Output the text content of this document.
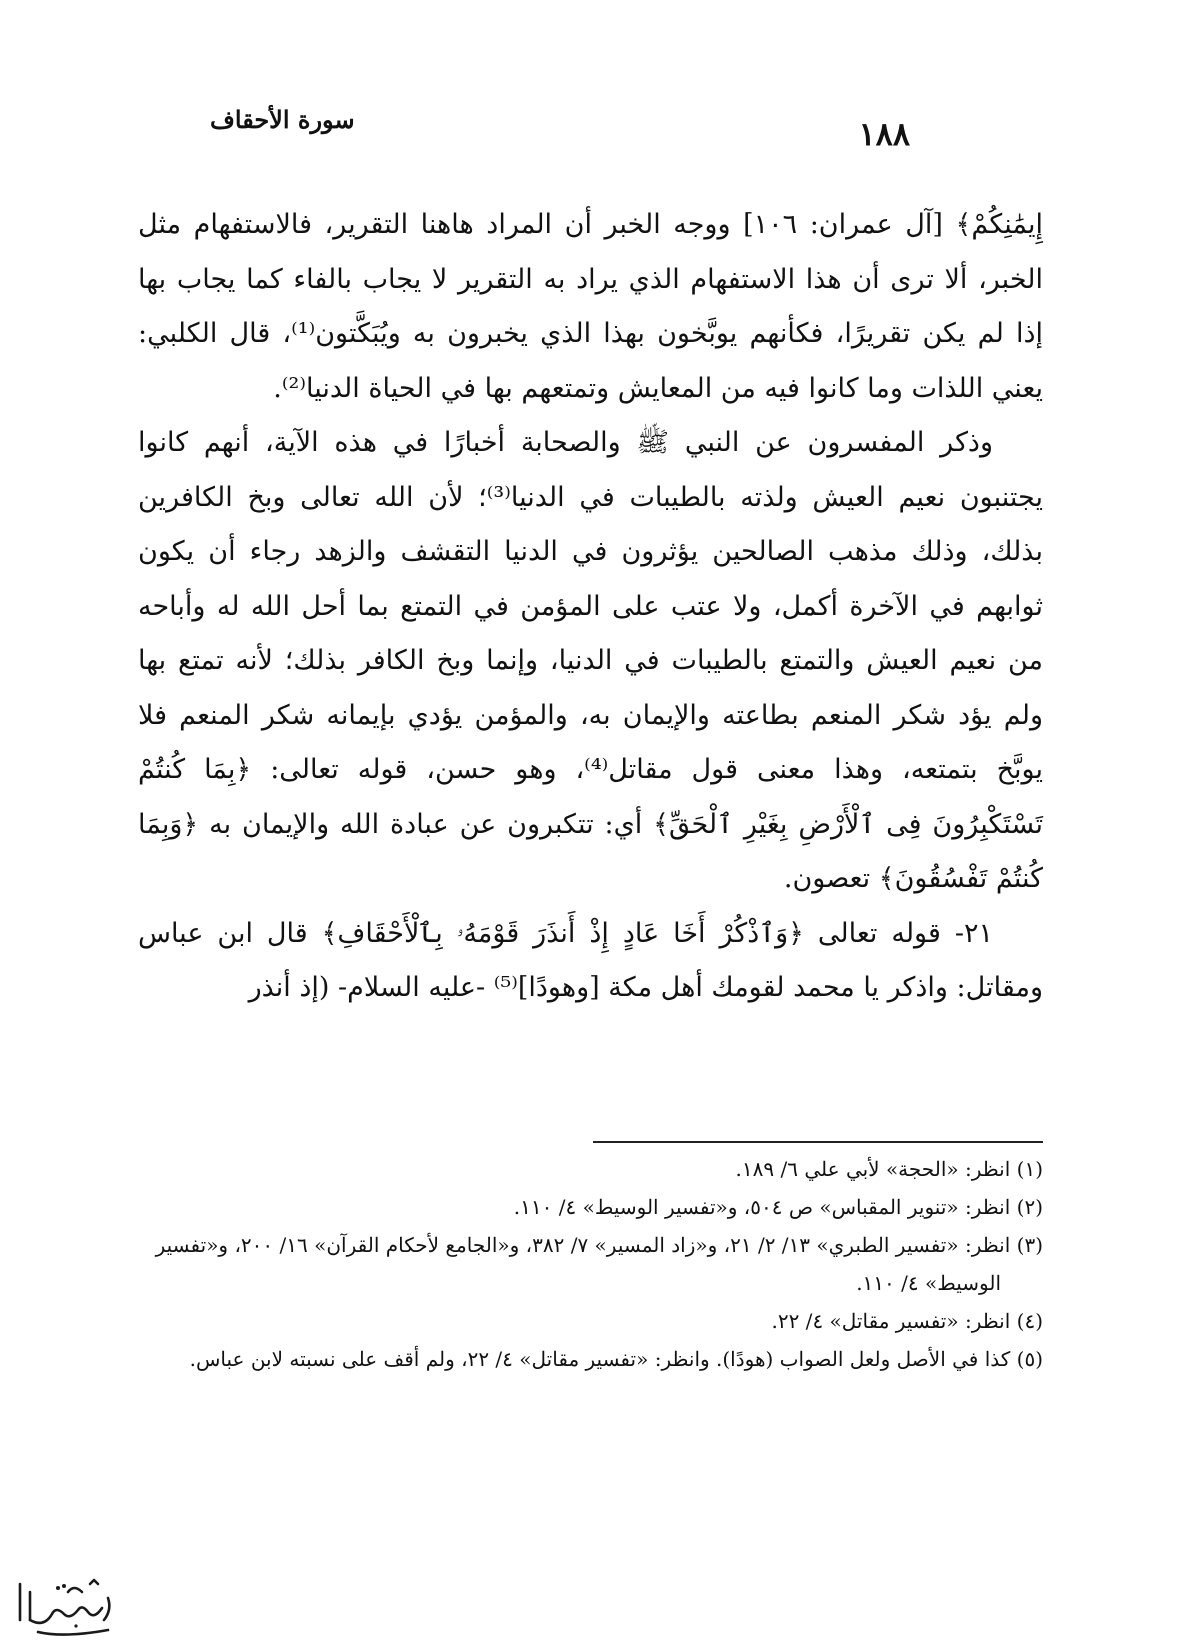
١٨٨
سورة الأحقاف

إِيمَٰنِكُمْ﴾ [آل عمران: ١٠٦] ووجه الخبر أن المراد هاهنا التقرير، فالاستفهام مثل الخبر، ألا ترى أن هذا الاستفهام الذي يراد به التقرير لا يجاب بالفاء كما يجاب بها إذا لم يكن تقريرًا، فكأنهم يوبَّخون بهذا الذي يخبرون به ويُبَكَّتون⁽¹⁾، قال الكلبي: يعني اللذات وما كانوا فيه من المعايش وتمتعهم بها في الحياة الدنيا⁽²⁾.

وذكر المفسرون عن النبي ﷺ والصحابة أخبارًا في هذه الآية، أنهم كانوا يجتنبون نعيم العيش ولذته بالطيبات في الدنيا⁽³⁾؛ لأن الله تعالى وبخ الكافرين بذلك، وذلك مذهب الصالحين يؤثرون في الدنيا التقشف والزهد رجاء أن يكون ثوابهم في الآخرة أكمل، ولا عتب على المؤمن في التمتع بما أحل الله له وأباحه من نعيم العيش والتمتع بالطيبات في الدنيا، وإنما وبخ الكافر بذلك؛ لأنه تمتع بها ولم يؤد شكر المنعم بطاعته والإيمان به، والمؤمن يؤدي بإيمانه شكر المنعم فلا يوبَّخ بتمتعه، وهذا معنى قول مقاتل⁽⁴⁾، وهو حسن، قوله تعالى: ﴿بِمَا كُنتُمْ تَسْتَكْبِرُونَ فِى ٱلْأَرْضِ بِغَيْرِ ٱلْحَقِّ﴾ أي: تتكبرون عن عبادة الله والإيمان به ﴿وَبِمَا كُنتُمْ تَفْسُقُونَ﴾ تعصون.

٢١- قوله تعالى ﴿وَٱذْكُرْ أَخَا عَادٍ إِذْ أَنذَرَ قَوْمَهُۥ بِٱلْأَحْقَافِ﴾ قال ابن عباس ومقاتل: واذكر يا محمد لقومك أهل مكة [وهودًا]⁽⁵⁾ -عليه السلام- (إذ أنذر

(١) انظر: «الحجة» لأبي علي ٦/ ١٨٩.

(٢) انظر: «تنوير المقباس» ص ٥٠٤، و«تفسير الوسيط» ٤/ ١١٠.

(٣) انظر: «تفسير الطبري» ١٣/ ٢/ ٢١، و«زاد المسير» ٧/ ٣٨٢، و«الجامع لأحكام القرآن» ١٦/ ٢٠٠، و«تفسير الوسيط» ٤/ ١١٠.

(٤) انظر: «تفسير مقاتل» ٤/ ٢٢.

(٥) كذا في الأصل ولعل الصواب (هودًا). وانظر: «تفسير مقاتل» ٤/ ٢٢، ولم أقف على نسبته لابن عباس.
